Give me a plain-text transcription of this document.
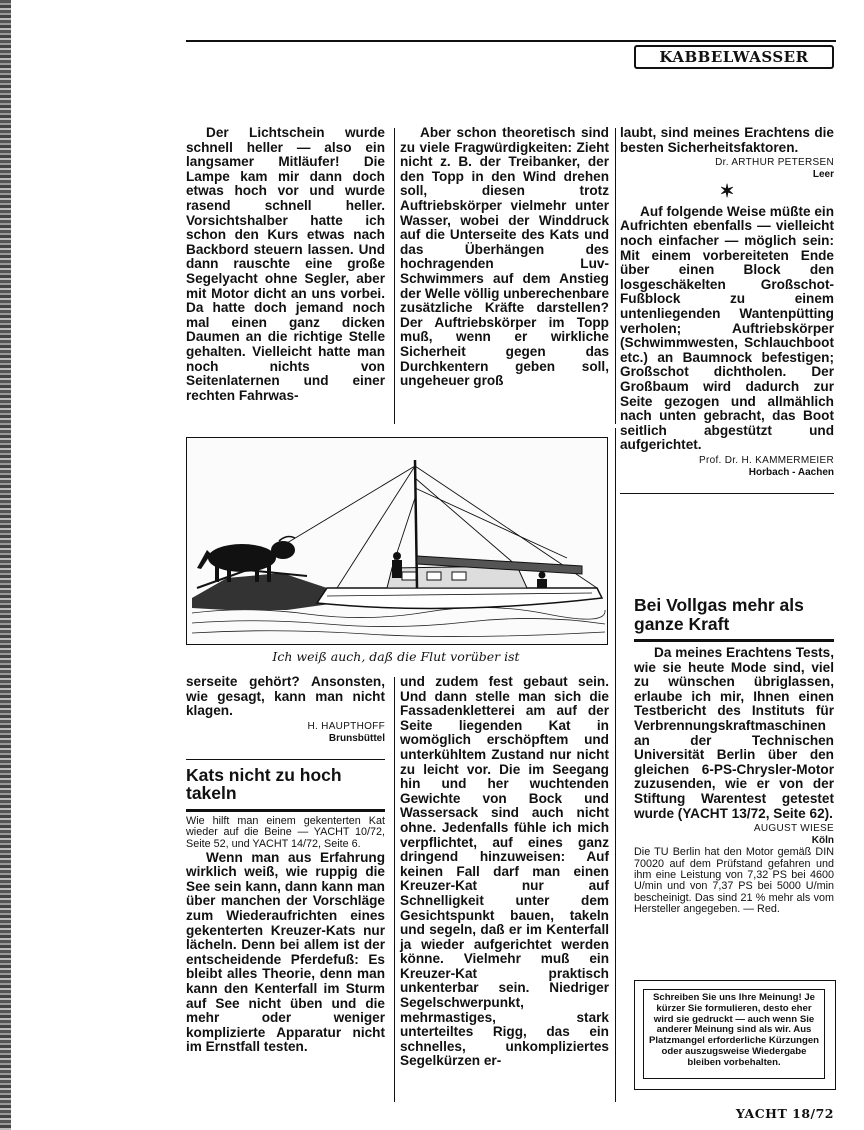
KABBELWASSER

Der Lichtschein wurde schnell heller — also ein langsamer Mitläufer! Die Lampe kam mir dann doch etwas hoch vor und wurde rasend schnell heller. Vorsichtshalber hatte ich schon den Kurs etwas nach Backbord steuern lassen. Und dann rauschte eine große Segelyacht ohne Segler, aber mit Motor dicht an uns vorbei. Da hatte doch jemand noch mal einen ganz dicken Daumen an die richtige Stelle gehalten. Vielleicht hatte man noch nichts von Seitenlaternen und einer rechten Fahrwas-

Aber schon theoretisch sind zu viele Fragwürdigkeiten: Zieht nicht z. B. der Treibanker, der den Topp in den Wind drehen soll, diesen trotz Auftriebskörper vielmehr unter Wasser, wobei der Winddruck auf die Unterseite des Kats und das Überhängen des hochragenden Luv-Schwimmers auf dem Anstieg der Welle völlig unberechenbare zusätzliche Kräfte darstellen? Der Auftriebskörper im Topp muß, wenn er wirkliche Sicherheit gegen das Durchkentern geben soll, ungeheuer groß

laubt, sind meines Erachtens die besten Sicherheitsfaktoren.

Dr. ARTHUR PETERSEN
Leer
✶

Auf folgende Weise müßte ein Aufrichten ebenfalls — vielleicht noch einfacher — möglich sein: Mit einem vorbereiteten Ende über einen Block den losgeschäkelten Großschot-Fußblock zu einem untenliegenden Wantenpütting verholen; Auftriebskörper (Schwimmwesten, Schlauchboot etc.) an Baumnock befestigen; Großschot dichtholen. Der Großbaum wird dadurch zur Seite gezogen und allmählich nach unten gebracht, das Boot seitlich abgestützt und aufgerichtet.

Prof. Dr. H. KAMMERMEIER
Horbach - Aachen
Ich weiß auch, daß die Flut vorüber ist

serseite gehört? Ansonsten, wie gesagt, kann man nicht klagen.

H. HAUPTHOFF
Brunsbüttel
Kats nicht zu hoch takeln

Wie hilft man einem gekenterten Kat wieder auf die Beine — YACHT 10/72, Seite 52, und YACHT 14/72, Seite 6.

Wenn man aus Erfahrung wirklich weiß, wie ruppig die See sein kann, dann kann man über manchen der Vorschläge zum Wiederaufrichten eines gekenterten Kreuzer-Kats nur lächeln. Denn bei allem ist der entscheidende Pferdefuß: Es bleibt alles Theorie, denn man kann den Kenterfall im Sturm auf See nicht üben und die mehr oder weniger komplizierte Apparatur nicht im Ernstfall testen.

und zudem fest gebaut sein. Und dann stelle man sich die Fassadenkletterei am auf der Seite liegenden Kat in womöglich erschöpftem und unterkühltem Zustand nur nicht zu leicht vor. Die im Seegang hin und her wuchtenden Gewichte von Bock und Wassersack sind auch nicht ohne. Jedenfalls fühle ich mich verpflichtet, auf eines ganz dringend hinzuweisen: Auf keinen Fall darf man einen Kreuzer-Kat nur auf Schnelligkeit unter dem Gesichtspunkt bauen, takeln und segeln, daß er im Kenterfall ja wieder aufgerichtet werden könne. Vielmehr muß ein Kreuzer-Kat praktisch unkenterbar sein. Niedriger Segelschwerpunkt, mehrmastiges, stark unterteiltes Rigg, das ein schnelles, unkompliziertes Segelkürzen er-

Bei Vollgas mehr als ganze Kraft

Da meines Erachtens Tests, wie sie heute Mode sind, viel zu wünschen übriglassen, erlaube ich mir, Ihnen einen Testbericht des Instituts für Verbrennungskraftmaschinen an der Technischen Universität Berlin über den gleichen 6-PS-Chrysler-Motor zuzusenden, wie er von der Stiftung Warentest getestet wurde (YACHT 13/72, Seite 62).

AUGUST WIESE
Köln

Die TU Berlin hat den Motor gemäß DIN 70020 auf dem Prüfstand gefahren und ihm eine Leistung von 7,32 PS bei 4600 U/min und von 7,37 PS bei 5000 U/min bescheinigt. Das sind 21 % mehr als vom Hersteller angegeben. — Red.

Schreiben Sie uns Ihre Meinung! Je kürzer Sie formulieren, desto eher wird sie gedruckt — auch wenn Sie anderer Meinung sind als wir. Aus Platzmangel erforderliche Kürzungen oder auszugsweise Wiedergabe bleiben vorbehalten.
YACHT 18/72
